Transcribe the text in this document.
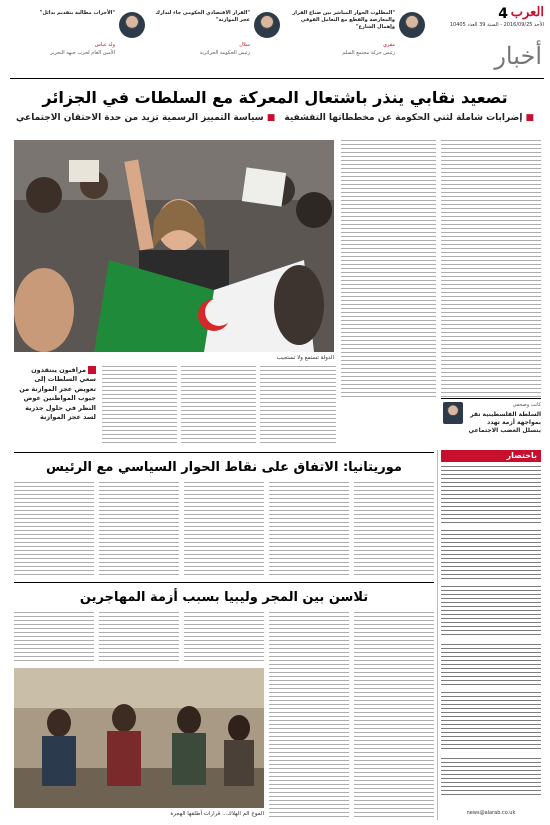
4 العرب
الأحد 2016/09/25 - السنة 39 العدد 10405
أخبار
"المطلوب الحوار المباشر بين صناع القرار والمعارضة والقطع مع التعامل الفوقي وإهمال الشارع"
مقري
رئيس حركة مجتمع السلم
"القرار الاقتصادي الحكومي جاء لتدارك عجز الموازنة"
سلال
رئيس الحكومة الجزائرية
"الأحزاب مطالبة بتقديم بدائل"
ولد عباس
الأمين العام لحزب جبهة التحرير
تصعيد نقابي ينذر باشتعال المعركة مع السلطات في الجزائر
■ إضرابات شاملة لثني الحكومة عن مخططاتها التقشفية ■ سياسة التمييز الرسمية تزيد من حدة الاحتقان الاجتماعي
كاتب وصحفي
السلطة الفلسطينية تقر بمواجهة أزمة تهدد بتسلل الغضب الاجتماعي
الدولة تستمع ولا تستجيب
مراقبون ينتقدون سعي السلطات إلى تعويض عجز الموازنة من جيوب المواطنين عوض النظر في حلول جذرية لسد عجز الموازنة
باختصار
news@alarab.co.uk
موريتانيا: الاتفاق على نقاط الحوار السياسي مع الرئيس
تلاسن بين المجر وليبيا بسبب أزمة المهاجرين
الموج الم الهلاك... قرارات أطلقها الهجرة
